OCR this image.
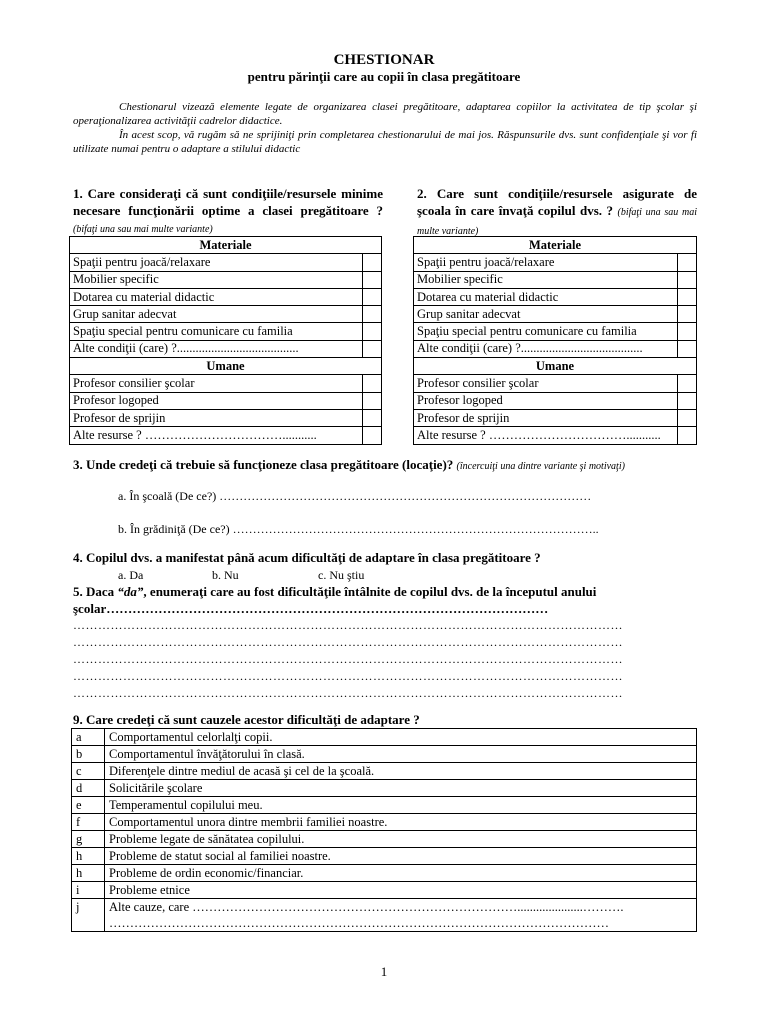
CHESTIONAR
pentru părinţii care au copii în clasa pregătitoare

Chestionarul vizează elemente legate de organizarea clasei pregătitoare, adaptarea copiilor la activitatea de tip şcolar şi operaţionalizarea activităţii cadrelor didactice.

În acest scop, vă rugăm să ne sprijiniţi prin completarea chestionarului de mai jos. Răspunsurile dvs. sunt confidenţiale şi vor fi utilizate numai pentru o adaptare a stilului didactic

1. Care consideraţi că sunt condiţiile/resursele minime necesare funcţionării optime a clasei pregătitoare ? (bifaţi una sau mai multe variante)
Materiale	
Spaţii pentru joacă/relaxare	
Mobilier specific	
Dotarea cu material didactic	
Grup sanitar adecvat	
Spaţiu special pentru comunicare cu familia	
Alte condiţii (care) ?.......................................	
Umane	
Profesor consilier şcolar	
Profesor logoped	
Profesor de sprijin	
Alte resurse ? ……………………………...........	
2. Care sunt condiţiile/resursele asigurate de şcoala în care învaţă copilul dvs. ? (bifaţi una sau mai multe variante)
Materiale	
Spaţii pentru joacă/relaxare	
Mobilier specific	
Dotarea cu material didactic	
Grup sanitar adecvat	
Spaţiu special pentru comunicare cu familia	
Alte condiţii (care) ?.......................................	
Umane	
Profesor consilier şcolar	
Profesor logoped	
Profesor de sprijin	
Alte resurse ? ……………………………...........	
3. Unde credeţi că trebuie să funcţioneze clasa pregătitoare (locaţie)? (încercuiţi una dintre variante şi motivaţi)
a. În şcoală (De ce?) …………………………………………………………………………………
b. În grădiniţă (De ce?) ………………………………………………………………………………..
4. Copilul dvs. a manifestat până acum dificultăţi de adaptare în clasa pregătitoare ?
a. Da	b. Nu	c. Nu ştiu
5. Daca “da”, enumeraţi care au fost dificultăţile întâlnite de copilul dvs. de la începutul anului şcolar…………………………………………………………………………………………
……………………………………………………………………………………………………………………
……………………………………………………………………………………………………………………
……………………………………………………………………………………………………………………
……………………………………………………………………………………………………………………
……………………………………………………………………………………………………………………
9. Care credeţi că sunt cauzele acestor dificultăţi de adaptare ?
a	Comportamentul celorlalţi copii.
b	Comportamentul învăţătorului în clasă.
c	Diferenţele dintre mediul de acasă şi cel de la şcoală.
d	Solicitările şcolare
e	Temperamentul copilului meu.
f	Comportamentul unora dintre membrii familiei noastre.
g	Probleme legate de sănătatea copilului.
h	Probleme de statut social al familiei noastre.
h	Probleme de ordin economic/financiar.
i	Probleme etnice
j	Alte cauze, care …………………………………………………………………….....................……….
…………………………………………………………………………………………………………
1
